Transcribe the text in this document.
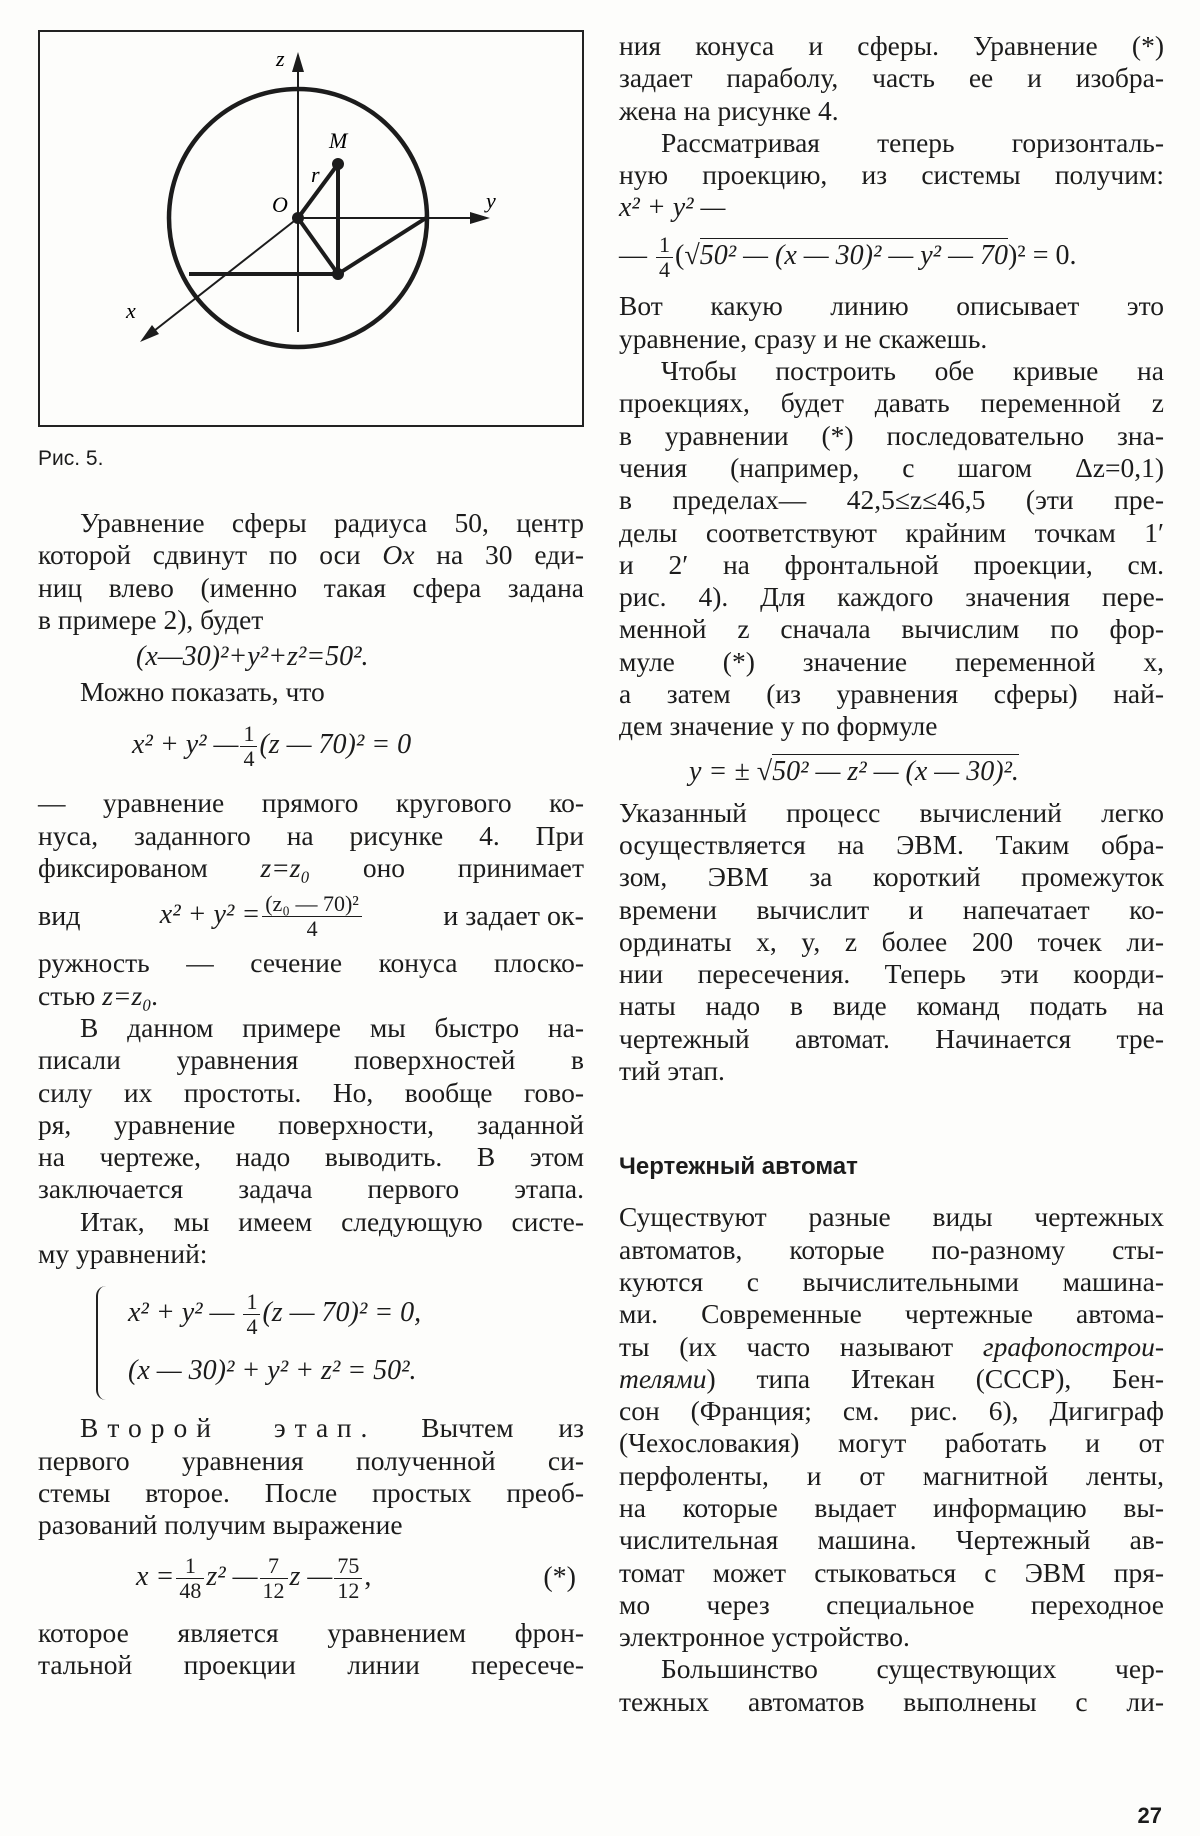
z
y
x
O
M
r
Рис. 5.

Уравнение сферы радиуса 50, центр

которой сдвинут по оси Ox на 30 еди-

ниц влево (именно такая сфера задана

в примере 2), будет

(x—30)²+y²+z²=50².

Можно показать, что

x² + y² — $\frac{1}{4} (z$ — 70)² = 0

— уравнение прямого кругового ко-

нуса, заданного на рисунке 4. При

фиксированом z=z₀ оно принимает

вид	$x^2 + y^2 = \frac{\text{(z₀ — 70)²}}{4}$	и задает ок-

ружность — сечение конуса плоско-

стью z=z₀.

В данном примере мы быстро на-

писали уравнения поверхностей в

силу их простоты. Но, вообще гово-

ря, уравнение поверхности, заданной

на чертеже, надо выводить. В этом

заключается задача первого этапа.

Итак, мы имеем следующую систе-

му уравнений:

x² + y² — $\frac{1}{4} (z$ — 70)² = 0,
(x — 30)² + y² + z² = 50².

Второй этап. Вычтем из

первого уравнения полученной си-

стемы второе. После простых преоб-

разований получим выражение

$x = \frac{1}{48} z^2$ — $\frac{7}{12}$ z — $\frac{75}{12}$ ,	(*)

которое является уравнением фрон-

тальной проекции линии пересече-

ния конуса и сферы. Уравнение (*)

задает параболу, часть ее и изобра-

жена на рисунке 4.

Рассматривая теперь горизонталь-

ную проекцию, из системы получим:

x² + y² —

— $\frac{1}{4} (√50^2$ — (x — 30)² — y² — 70)² = 0.

Вот какую линию описывает это

уравнение, сразу и не скажешь.

Чтобы построить обе кривые на

проекциях, будет давать переменной z

в уравнении (*) последовательно зна-

чения (например, с шагом Δz=0,1)

в пределах— 42,5≤z≤46,5 (эти пре-

делы соответствуют крайним точкам 1′

и 2′ на фронтальной проекции, см.

рис. 4). Для каждого значения пере-

менной z сначала вычислим по фор-

муле (*) значение переменной x,

а затем (из уравнения сферы) най-

дем значение y по формуле

y = ± √50² — z² — (x — 30)².

Указанный процесс вычислений легко

осуществляется на ЭВМ. Таким обра-

зом, ЭВМ за короткий промежуток

времени вычислит и напечатает ко-

ординаты x, y, z более 200 точек ли-

нии пересечения. Теперь эти коорди-

наты надо в виде команд подать на

чертежный автомат. Начинается тре-

тий этап.

Чертежный автомат

Существуют разные виды чертежных

автоматов, которые по-разному сты-

куются с вычислительными машина-

ми. Современные чертежные автома-

ты (их часто называют графопострои-

телями) типа Итекан (СССР), Бен-

сон (Франция; см. рис. 6), Дигиграф

(Чехословакия) могут работать и от

перфоленты, и от магнитной ленты,

на которые выдает информацию вы-

числительная машина. Чертежный ав-

томат может стыковаться с ЭВМ пря-

мо через специальное переходное

электронное устройство.

Большинство существующих чер-

тежных автоматов выполнены с ли-

27
